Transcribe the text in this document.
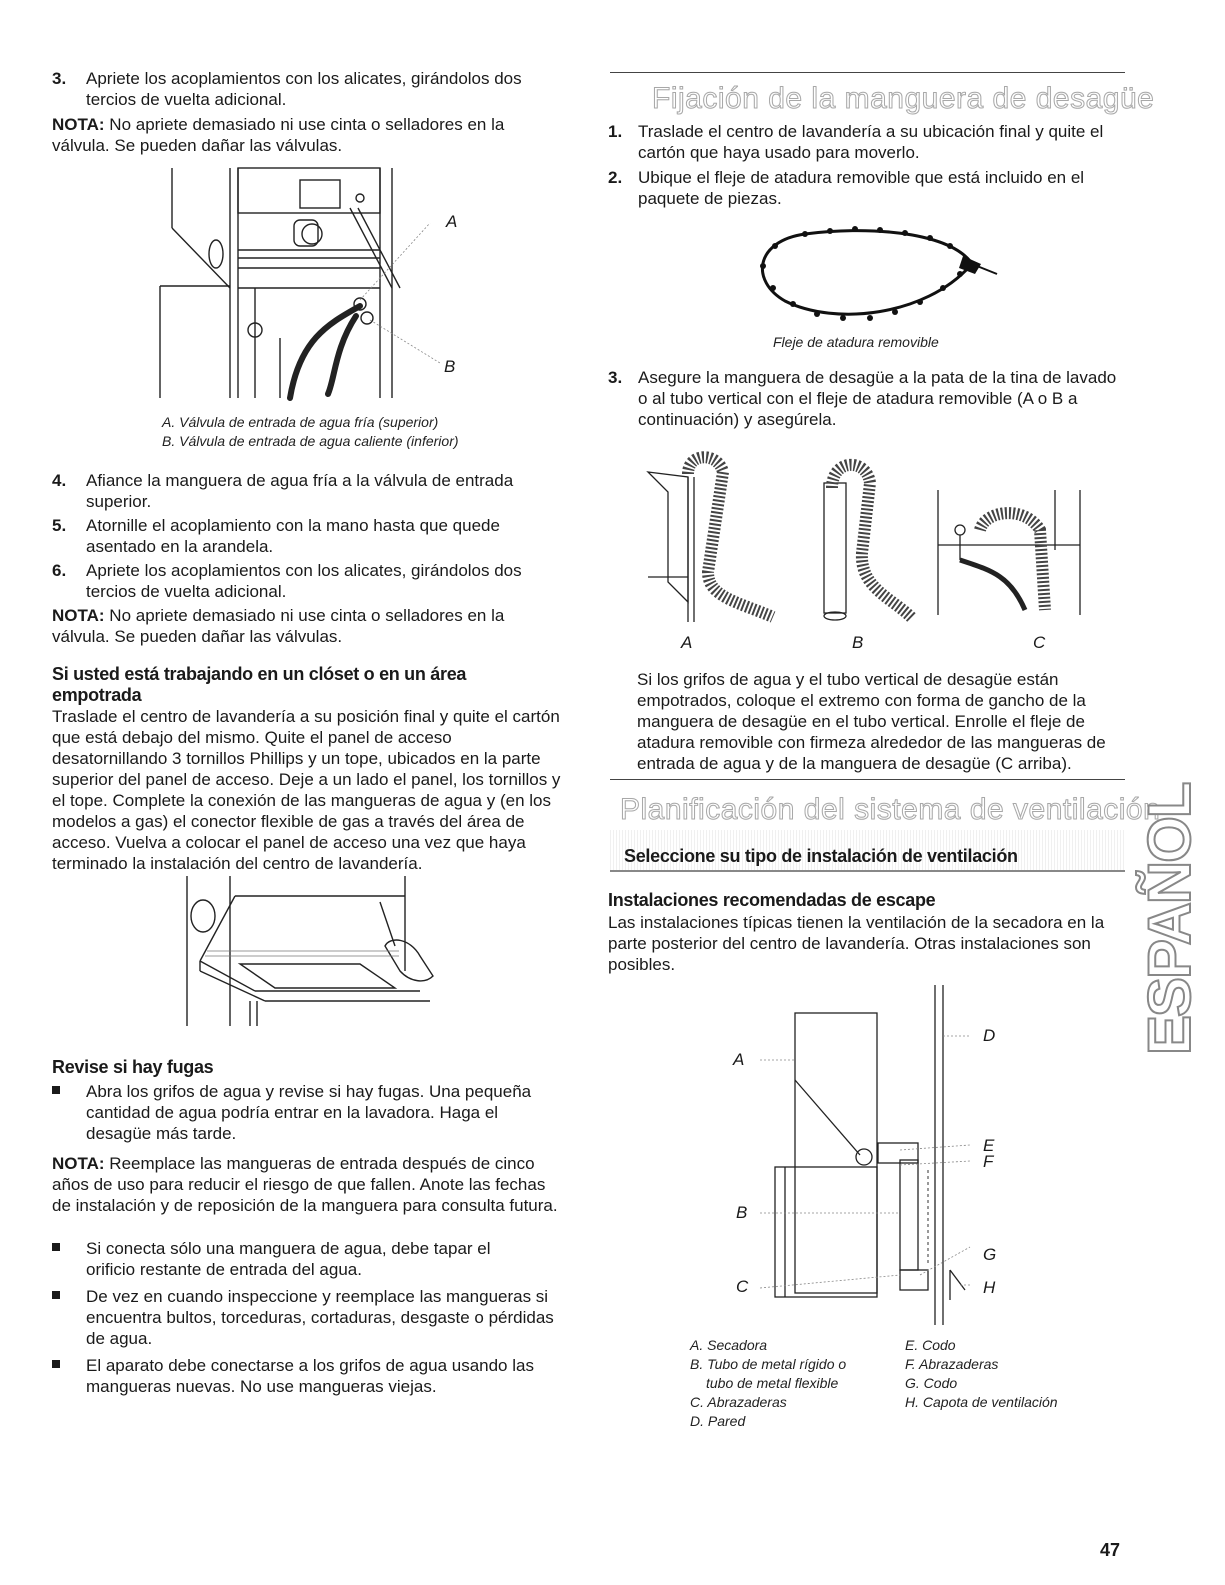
3.	Apriete los acoplamientos con los alicates, girándolos dos tercios de vuelta adicional.
NOTA: No apriete demasiado ni use cinta o selladores en la válvula. Se pueden dañar las válvulas.
A
B
A. Válvula de entrada de agua fría (superior)
B. Válvula de entrada de agua caliente (inferior)
4.	Afiance la manguera de agua fría a la válvula de entrada superior.
5.	Atornille el acoplamiento con la mano hasta que quede asentado en la arandela.
6.	Apriete los acoplamientos con los alicates, girándolos dos tercios de vuelta adicional.
NOTA: No apriete demasiado ni use cinta o selladores en la válvula. Se pueden dañar las válvulas.
Si usted está trabajando en un clóset o en un área empotrada
Traslade el centro de lavandería a su posición final y quite el cartón que está debajo del mismo. Quite el panel de acceso desatornillando 3 tornillos Phillips y un tope, ubicados en la parte superior del panel de acceso. Deje a un lado el panel, los tornillos y el tope. Complete la conexión de las mangueras de agua y (en los modelos a gas) el conector flexible de gas a través del área de acceso. Vuelva a colocar el panel de acceso una vez que haya terminado la instalación del centro de lavandería.
Revise si hay fugas
Abra los grifos de agua y revise si hay fugas. Una pequeña cantidad de agua podría entrar en la lavadora. Haga el desagüe más tarde.
NOTA: Reemplace las mangueras de entrada después de cinco años de uso para reducir el riesgo de que fallen. Anote las fechas de instalación y de reposición de la manguera para consulta futura.
Si conecta sólo una manguera de agua, debe tapar el orificio restante de entrada del agua.
De vez en cuando inspeccione y reemplace las mangueras si encuentra bultos, torceduras, cortaduras, desgaste o pérdidas de agua.
El aparato debe conectarse a los grifos de agua usando las mangueras nuevas. No use mangueras viejas.
Fijación de la manguera de desagüe
1. Traslade el centro de lavandería a su ubicación final y quite el cartón que haya usado para moverlo.
2. Ubique el fleje de atadura removible que está incluido en el paquete de piezas.
Fleje de atadura removible
3. Asegure la manguera de desagüe a la pata de la tina de lavado o al tubo vertical con el fleje de atadura removible (A o B a continuación) y asegúrela.
A	B	C
Si los grifos de agua y el tubo vertical de desagüe están empotrados, coloque el extremo con forma de gancho de la manguera de desagüe en el tubo vertical. Enrolle el fleje de atadura removible con firmeza alrededor de las mangueras de entrada de agua y de la manguera de desagüe (C arriba).
Planificación del sistema de ventilación
Seleccione su tipo de instalación de ventilación
Instalaciones recomendadas de escape
Las instalaciones típicas tienen la ventilación de la secadora en la parte posterior del centro de lavandería. Otras instalaciones son posibles.
A
B
C
D
E
F
G
H
A. Secadora
B. Tubo de metal rígido o
tubo de metal flexible
C. Abrazaderas
D. Pared
E. Codo
F. Abrazaderas
G. Codo
H. Capota de ventilación
ESPAÑOL
47
